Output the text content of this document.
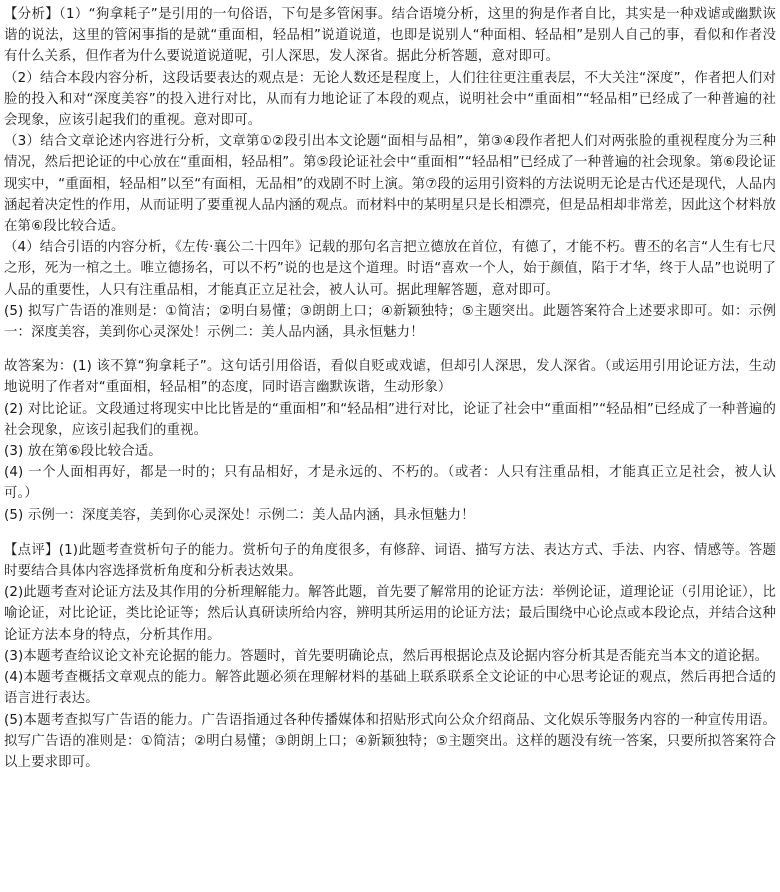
【分析】（1）“狗拿耗子”是引用的一句俗语，下句是多管闲事。结合语境分析，这里的狗是作者自比，其实是一种戏谑或幽默诙谐的说法，这里的管闲事指的是就“重面相，轻品相”说道说道，也即是说别人“种面相、轻品相”是别人自己的事，看似和作者没有什么关系，但作者为什么要说道说道呢，引人深思，发人深省。据此分析答题，意对即可。

（2）结合本段内容分析，这段话要表达的观点是：无论人数还是程度上，人们往往更注重表层，不大关注“深度”，作者把人们对脸的投入和对“深度美容”的投入进行对比，从而有力地论证了本段的观点，说明社会中“重面相”“轻品相”已经成了一种普遍的社会现象，应该引起我们的重视。意对即可。

（3）结合文章论述内容进行分析，文章第①②段引出本文论题“面相与品相”，第③④段作者把人们对两张脸的重视程度分为三种情况，然后把论证的中心放在“重面相，轻品相”。第⑤段论证社会中“重面相”“轻品相”已经成了一种普遍的社会现象。第⑥段论证现实中，“重面相，轻品相”以至“有面相，无品相”的戏剧不时上演。第⑦段的运用引资料的方法说明无论是古代还是现代，人品内涵起着决定性的作用，从而证明了要重视人品内涵的观点。而材料中的某明星只是长相漂亮，但是品相却非常差，因此这个材料放在第⑥段比较合适。

（4）结合引语的内容分析，《左传·襄公二十四年》记载的那句名言把立德放在首位，有德了，才能不朽。曹丕的名言“人生有七尺之形，死为一棺之土。唯立德扬名，可以不朽”说的也是这个道理。时语“喜欢一个人，始于颜值，陷于才华，终于人品”也说明了人品的重要性，人只有注重品相，才能真正立足社会，被人认可。据此理解答题，意对即可。

(5) 拟写广告语的准则是：①简洁；②明白易懂；③朗朗上口；④新颖独特；⑤主题突出。此题答案符合上述要求即可。如：示例一：深度美容，美到你心灵深处！示例二：美人品内涵，具永恒魅力！

故答案为：(1) 该不算“狗拿耗子”。这句话引用俗语，看似自贬或戏谑，但却引人深思，发人深省。（或运用引用论证方法，生动地说明了作者对“重面相，轻品相”的态度，同时语言幽默诙谐，生动形象）

(2) 对比论证。文段通过将现实中比比皆是的“重面相”和“轻品相”进行对比，论证了社会中“重面相”“轻品相”已经成了一种普遍的社会现象，应该引起我们的重视。

(3) 放在第⑥段比较合适。

(4) 一个人面相再好，都是一时的；只有品相好，才是永远的、不朽的。（或者：人只有注重品相，才能真正立足社会，被人认可。）

(5) 示例一：深度美容，美到你心灵深处！示例二：美人品内涵，具永恒魅力！

【点评】(1)此题考查赏析句子的能力。赏析句子的角度很多，有修辞、词语、描写方法、表达方式、手法、内容、情感等。答题时要结合具体内容选择赏析角度和分析表达效果。

(2)此题考查对论证方法及其作用的分析理解能力。解答此题，首先要了解常用的论证方法：举例论证，道理论证（引用论证），比喻论证，对比论证，类比论证等；然后认真研读所给内容，辨明其所运用的论证方法；最后围绕中心论点或本段论点，并结合这种论证方法本身的特点，分析其作用。

(3)本题考查给议论文补充论据的能力。答题时，首先要明确论点，然后再根据论点及论据内容分析其是否能充当本文的道论据。

(4)本题考查概括文章观点的能力。解答此题必须在理解材料的基础上联系联系全文论证的中心思考论证的观点，然后再把合适的语言进行表达。

(5)本题考查拟写广告语的能力。广告语指通过各种传播媒体和招贴形式向公众介绍商品、文化娱乐等服务内容的一种宣传用语。拟写广告语的准则是：①简洁；②明白易懂；③朗朗上口；④新颖独特；⑤主题突出。这样的题没有统一答案，只要所拟答案符合以上要求即可。
